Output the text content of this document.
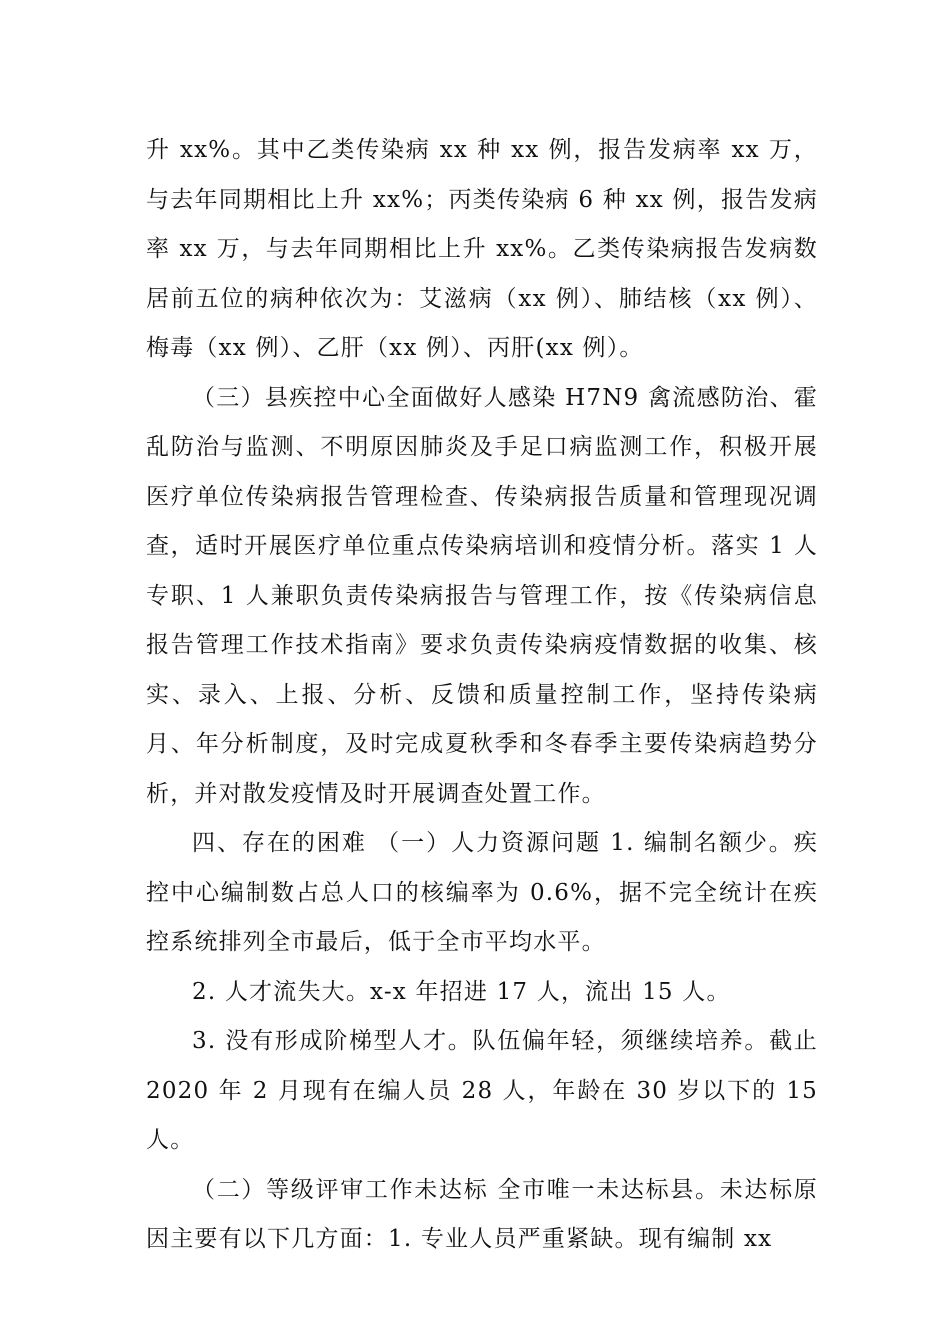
升 xx%。其中乙类传染病 xx 种 xx 例，报告发病率 xx 万，与去年同期相比上升 xx%；丙类传染病 6 种 xx 例，报告发病率 xx 万，与去年同期相比上升 xx%。乙类传染病报告发病数居前五位的病种依次为：艾滋病（xx 例）、肺结核（xx 例）、梅毒（xx 例）、乙肝（xx 例）、丙肝(xx 例）。

（三）县疾控中心全面做好人感染 H7N9 禽流感防治、霍乱防治与监测、不明原因肺炎及手足口病监测工作，积极开展医疗单位传染病报告管理检查、传染病报告质量和管理现况调查，适时开展医疗单位重点传染病培训和疫情分析。落实 1 人专职、1 人兼职负责传染病报告与管理工作，按《传染病信息报告管理工作技术指南》要求负责传染病疫情数据的收集、核实、录入、上报、分析、反馈和质量控制工作，坚持传染病月、年分析制度，及时完成夏秋季和冬春季主要传染病趋势分析，并对散发疫情及时开展调查处置工作。

四、存在的困难 （一）人力资源问题 1. 编制名额少。疾控中心编制数占总人口的核编率为 0.6%，据不完全统计在疾控系统排列全市最后，低于全市平均水平。

2. 人才流失大。x-x 年招进 17 人，流出 15 人。

3. 没有形成阶梯型人才。队伍偏年轻，须继续培养。截止 2020 年 2 月现有在编人员 28 人，年龄在 30 岁以下的 15 人。

（二）等级评审工作未达标 全市唯一未达标县。未达标原因主要有以下几方面：1. 专业人员严重紧缺。现有编制 xx
